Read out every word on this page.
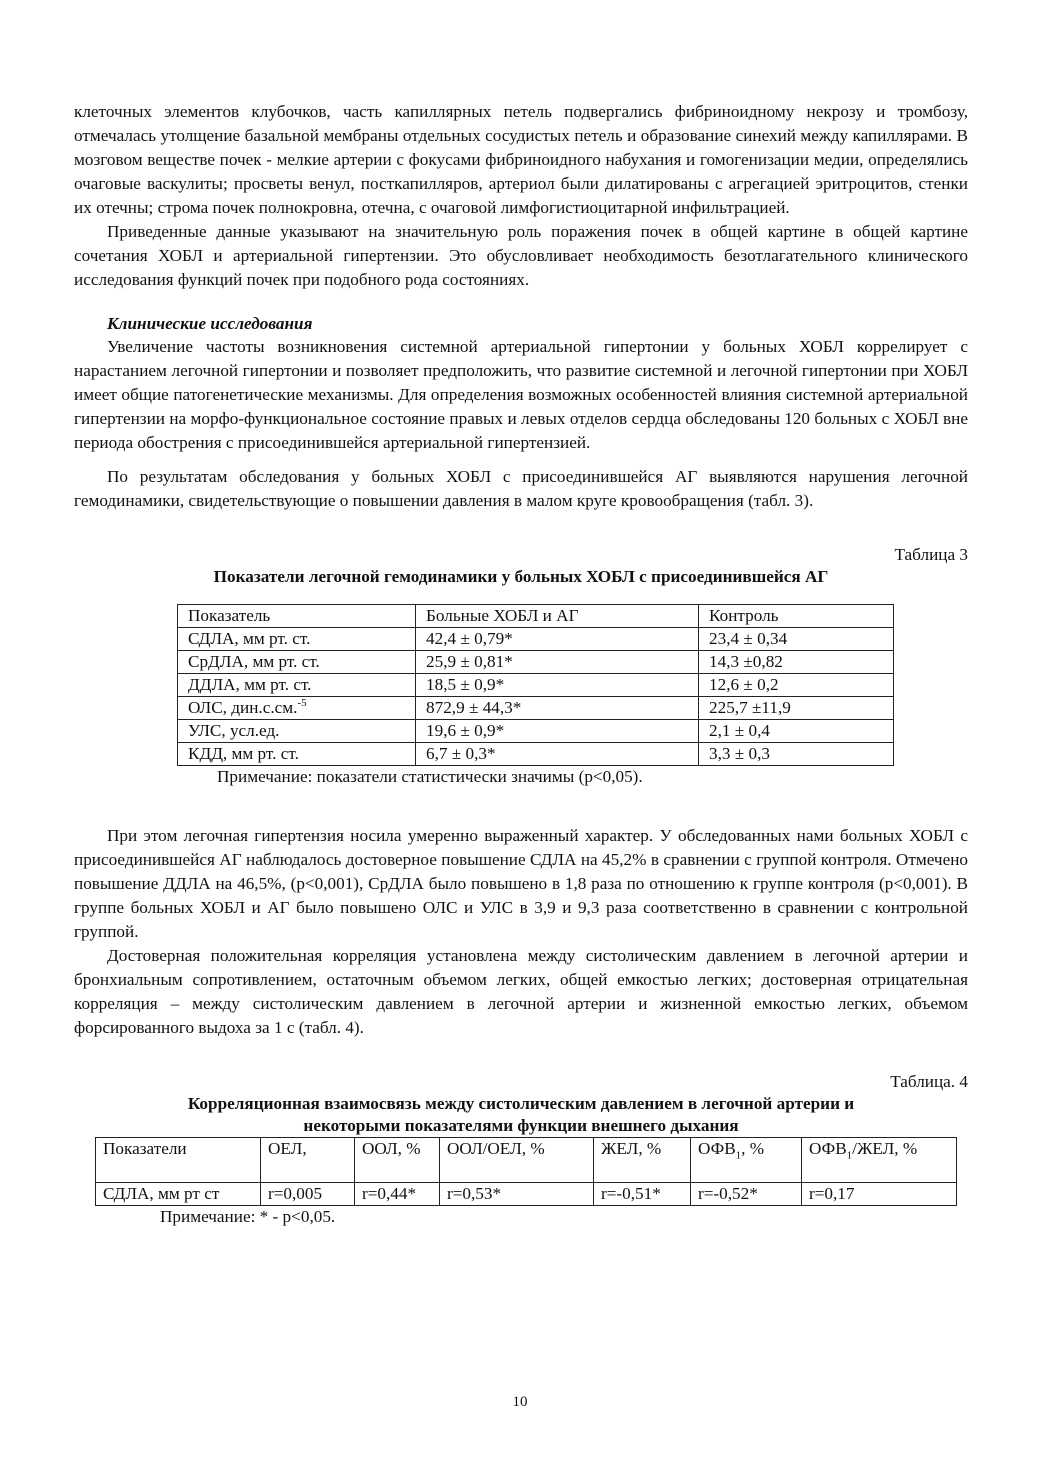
клеточных элементов клубочков, часть капиллярных петель подвергались фибриноидному некрозу и тромбозу, отмечалась утолщение базальной мембраны отдельных сосудистых петель и образование синехий между капиллярами. В мозговом веществе почек - мелкие артерии с фокусами фибриноидного набухания и гомогенизации медии, определялись очаговые васкулиты; просветы венул, посткапилляров, артериол были дилатированы с агрегацией эритроцитов, стенки их отечны; строма почек полнокровна, отечна, с очаговой лимфогистиоцитарной инфильтрацией.

Приведенные данные указывают на значительную роль поражения почек в общей картине в общей картине сочетания ХОБЛ и артериальной гипертензии. Это обусловливает необходимость безотлагательного клинического исследования функций почек при подобного рода состояниях.

Клинические исследования

Увеличение частоты возникновения системной артериальной гипертонии у больных ХОБЛ коррелирует с нарастанием легочной гипертонии и позволяет предположить, что развитие системной и легочной гипертонии при ХОБЛ имеет общие патогенетические механизмы. Для определения возможных особенностей влияния системной артериальной гипертензии на морфо-функциональное состояние правых и левых отделов сердца обследованы 120 больных с ХОБЛ вне периода обострения с присоединившейся артериальной гипертензией.

По результатам обследования у больных ХОБЛ с присоединившейся АГ выявляются нарушения легочной гемодинамики, свидетельствующие о повышении давления в малом круге кровообращения (табл. 3).

Таблица 3
Показатели легочной гемодинамики у больных ХОБЛ с присоединившейся АГ
Показатель	Больные ХОБЛ и АГ	Контроль
СДЛА, мм рт. ст.	42,4 ± 0,79*	23,4 ± 0,34
СрДЛА, мм рт. ст.	25,9 ± 0,81*	14,3 ±0,82
ДДЛА, мм рт. ст.	18,5 ± 0,9*	12,6 ± 0,2
ОЛС, дин.с.см.$^{-5}$	872,9 ± 44,3*	225,7 ±11,9
УЛС, усл.ед.	19,6 ± 0,9*	2,1 ± 0,4
КДД, мм рт. ст.	6,7 ± 0,3*	3,3 ± 0,3
Примечание: показатели статистически значимы (р<0,05).

При этом легочная гипертензия носила умеренно выраженный характер. У обследованных нами больных ХОБЛ с присоединившейся АГ наблюдалось достоверное повышение СДЛА на 45,2% в сравнении с группой контроля. Отмечено повышение ДДЛА на 46,5%, (р<0,001), СрДЛА было повышено в 1,8 раза по отношению к группе контроля (р<0,001). В группе больных ХОБЛ и АГ было повышено ОЛС и УЛС в 3,9 и 9,3 раза соответственно в сравнении с контрольной группой.

Достоверная положительная корреляция установлена между систолическим давлением в легочной артерии и бронхиальным сопротивлением, остаточным объемом легких, общей емкостью легких; достоверная отрицательная корреляция – между систолическим давлением в легочной артерии и жизненной емкостью легких, объемом форсированного выдоха за 1 с (табл. 4).

Таблица. 4
Корреляционная взаимосвязь между систолическим давлением в легочной артерии и
некоторыми показателями функции внешнего дыхания
Показатели	ОЕЛ,	ООЛ, %	ООЛ/ОЕЛ, %	ЖЕЛ, %	$ОФВ_1$, %	$ОФВ_1$/ЖЕЛ, %
СДЛА, мм рт ст	r=0,005	r=0,44*	r=0,53*	r=-0,51*	r=-0,52*	r=0,17
Примечание: * - р<0,05.
10
